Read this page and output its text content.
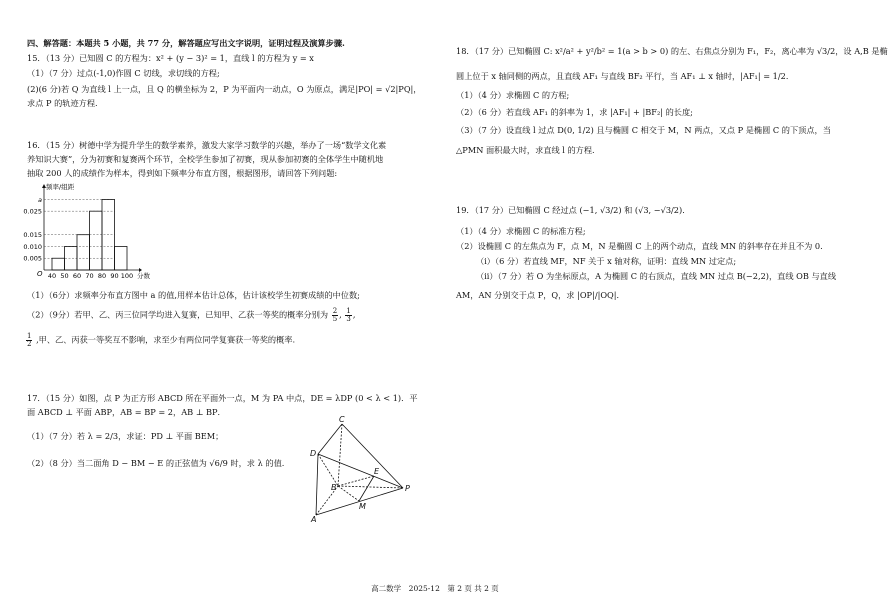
四、解答题：本题共 5 小题，共 77 分，解答题应写出文字说明，证明过程及演算步骤.
15．（13 分）已知圆 C 的方程为：x² + (y − 3)² = 1，直线 l 的方程为 y = x
（1）（7 分）过点(-1,0)作圆 C 切线，求切线的方程;
(2)(6 分)若 Q 为直线 l 上一点，且 Q 的横坐标为 2，P 为平面内一动点，O 为原点，满足|PO| = √2|PQ|，
求点 P 的轨迹方程.
16．（15 分）树德中学为提升学生的数学素养，激发大家学习数学的兴趣，举办了一场“数学文化素
养知识大赛”，分为初赛和复赛两个环节，全校学生参加了初赛，现从参加初赛的全体学生中随机地
抽取 200 人的成绩作为样本，得到如下频率分布直方图，根据图形，请回答下列问题:
0.005
0.010
0.015
0.025
a
40 50 60 70 80 90 100 分数
频率/组距
O
（1）（6分）求频率分布直方图中 a 的值,用样本估计总体，估计该校学生初赛成绩的中位数;
（2）（9分）若甲、乙、丙三位同学均进入复赛，已知甲、乙获一等奖的概率分别为 $\frac{2}{5}$ , $\frac{1}{3}$ ,
$\frac{1}{2}$ ,甲、乙、丙获一等奖互不影响，求至少有两位同学复赛获一等奖的概率.
17．（15 分）如图，点 P 为正方形 ABCD 所在平面外一点，M 为 PA 中点，DE = λDP (0 < λ < 1)．平
面 ABCD ⊥ 平面 ABP，AB = BP = 2，AB ⊥ BP．
（1）（7 分）若 λ = 2/3，求证：PD ⊥ 平面 BEM；
（2）（8 分）当二面角 D − BM − E 的正弦值为 √6/9 时，求 λ 的值.
C
D
E
B	P
M
A
18．（17 分）已知椭圆 C: x²/a² + y²/b² = 1(a > b > 0) 的左、右焦点分别为 F₁，F₂，离心率为 √3/2，设 A,B 是椭
圆上位于 x 轴同侧的两点，且直线 AF₁ 与直线 BF₂ 平行，当 AF₁ ⊥ x 轴时，|AF₁| = 1/2．
（1）（4 分）求椭圆 C 的方程;
（2）（6 分）若直线 AF₁ 的斜率为 1，求 |AF₁| + |BF₂| 的长度;
（3）（7 分）设直线 l 过点 D(0, 1/2) 且与椭圆 C 相交于 M，N 两点，又点 P 是椭圆 C 的下顶点，当
△PMN 面积最大时，求直线 l 的方程.
19．（17 分）已知椭圆 C 经过点 (−1, √3/2) 和 (√3, −√3/2)．
（1）（4 分）求椭圆 C 的标准方程;
（2）设椭圆 C 的左焦点为 F，点 M，N 是椭圆 C 上的两个动点，直线 MN 的斜率存在并且不为 0.
（i）（6 分）若直线 MF，NF 关于 x 轴对称，证明：直线 MN 过定点;
（ii）（7 分）若 O 为坐标原点，A 为椭圆 C 的右顶点，直线 MN 过点 B(−2,2)，直线 OB 与直线
AM，AN 分别交于点 P，Q，求 |OP|/|OQ|．
高二数学　2025-12　第 2 页 共 2 页
